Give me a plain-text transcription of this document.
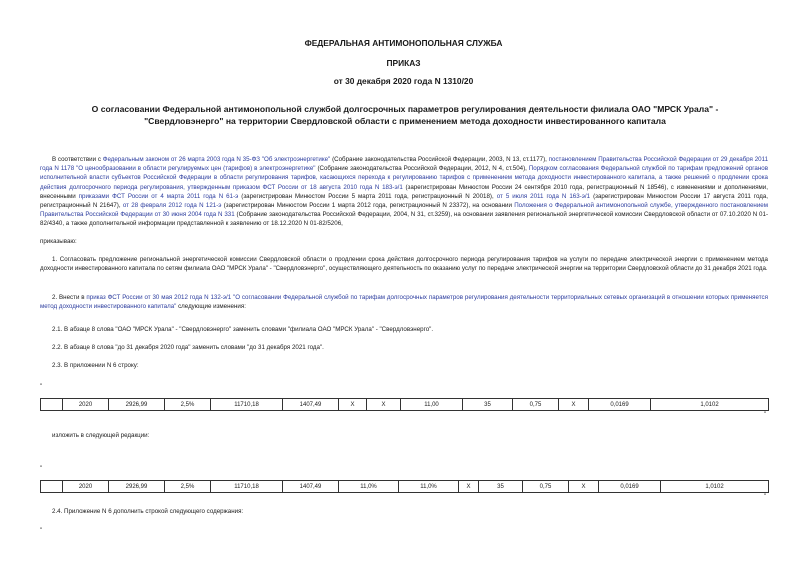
ФЕДЕРАЛЬНАЯ АНТИМОНОПОЛЬНАЯ СЛУЖБА
ПРИКАЗ
от 30 декабря 2020 года N 1310/20
О согласовании Федеральной антимонопольной службой долгосрочных параметров регулирования деятельности филиала ОАО "МРСК Урала" -
"Свердловэнерго" на территории Свердловской области с применением метода доходности инвестированного капитала
В соответствии с Федеральным законом от 26 марта 2003 года N 35-ФЗ "Об электроэнергетике" (Собрание законодательства Российской Федерации, 2003, N 13, ст.1177), постановлением Правительства Российской Федерации от 29 декабря 2011 года N 1178 "О ценообразовании в области регулируемых цен (тарифов) в электроэнергетике" (Собрание законодательства Российской Федерации, 2012, N 4, ст.504), Порядком согласования Федеральной службой по тарифам предложений органов исполнительной власти субъектов Российской Федерации в области регулирования тарифов, касающихся перехода к регулированию тарифов с применением метода доходности инвестированного капитала, а также решений о продлении срока действия долгосрочного периода регулирования, утвержденным приказом ФСТ России от 18 августа 2010 года N 183-э/1 (зарегистрирован Минюстом России 24 сентября 2010 года, регистрационный N 18546), с изменениями и дополнениями, внесенными приказами ФСТ России от 4 марта 2011 года N 61-э (зарегистрирован Минюстом России 5 марта 2011 года, регистрационный N 20018), от 5 июля 2011 года N 163-э/1 (зарегистрирован Минюстом России 17 августа 2011 года, регистрационный N 21647), от 28 февраля 2012 года N 121-э (зарегистрирован Минюстом России 1 марта 2012 года, регистрационный N 23372), на основании Положения о Федеральной антимонопольной службе, утвержденного постановлением Правительства Российской Федерации от 30 июня 2004 года N 331 (Собрание законодательства Российской Федерации, 2004, N 31, ст.3259), на основании заявления региональной энергетической комиссии Свердловской области от 07.10.2020 N 01-82/4340, а также дополнительной информации представленной к заявлению от 18.12.2020 N 01-82/5206,
приказываю:
1. Согласовать предложение региональной энергетической комиссии Свердловской области о продлении срока действия долгосрочного периода регулирования тарифов на услуги по передаче электрической энергии с применением метода доходности инвестированного капитала по сетям филиала ОАО "МРСК Урала" - "Свердловэнерго", осуществляющего деятельность по оказанию услуг по передаче электрической энергии на территории Свердловской области до 31 декабря 2021 года.
2. Внести в приказ ФСТ России от 30 мая 2012 года N 132-э/1 "О согласовании Федеральной службой по тарифам долгосрочных параметров регулирования деятельности территориальных сетевых организаций в отношении которых применяется метод доходности инвестированного капитала" следующие изменения:
2.1. В абзаце 8 слова "ОАО "МРСК Урала" - "Свердловэнерго" заменить словами "филиала ОАО "МРСК Урала" - "Свердловэнерго".
2.2. В абзаце 8 слова "до 31 декабря 2020 года" заменить словами "до 31 декабря 2021 года".
2.3. В приложении N 6 строку:
"
	2020	2926,99	2,5%	11710,18	1407,49	X	X	11,00	35	0,75	X	0,0169	1,0102
"
изложить в следующей редакции:
"
	2020	2926,99	2,5%	11710,18	1407,49	11,0%	11,0%	X	35	0,75	X	0,0169	1,0102
"
2.4. Приложение N 6 дополнить строкой следующего содержания:
"
